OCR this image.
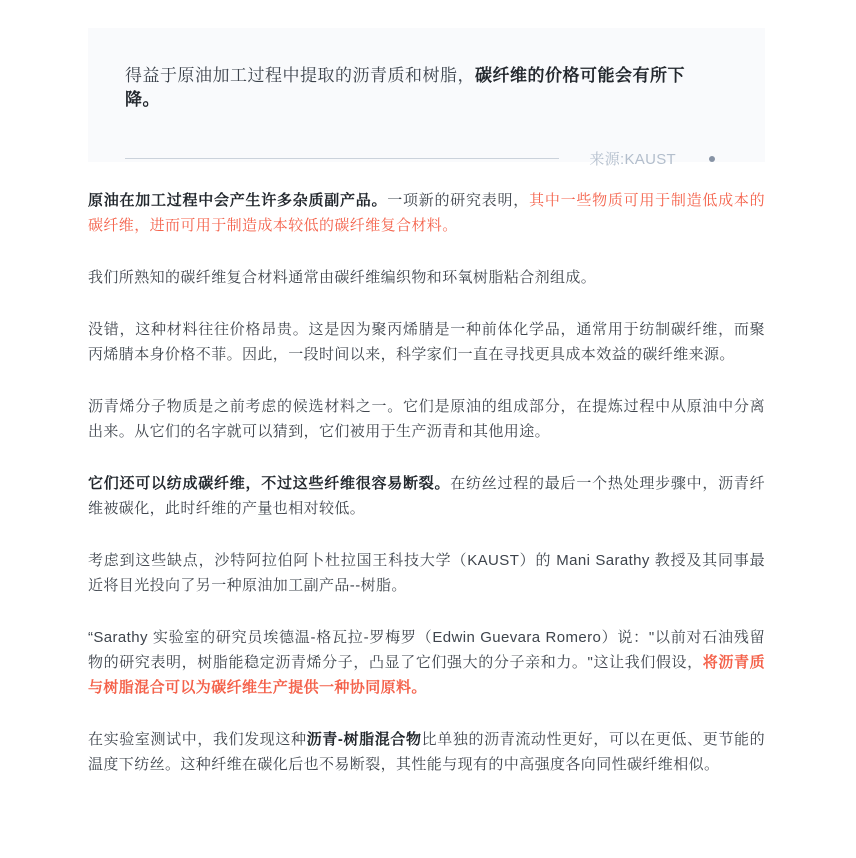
得益于原油加工过程中提取的沥青质和树脂，碳纤维的价格可能会有所下降。
来源:KAUST

原油在加工过程中会产生许多杂质副产品。一项新的研究表明，其中一些物质可用于制造低成本的碳纤维，进而可用于制造成本较低的碳纤维复合材料。

我们所熟知的碳纤维复合材料通常由碳纤维编织物和环氧树脂粘合剂组成。

没错，这种材料往往价格昂贵。这是因为聚丙烯腈是一种前体化学品，通常用于纺制碳纤维，而聚丙烯腈本身价格不菲。因此，一段时间以来，科学家们一直在寻找更具成本效益的碳纤维来源。

沥青烯分子物质是之前考虑的候选材料之一。它们是原油的组成部分，在提炼过程中从原油中分离出来。从它们的名字就可以猜到，它们被用于生产沥青和其他用途。

它们还可以纺成碳纤维，不过这些纤维很容易断裂。在纺丝过程的最后一个热处理步骤中，沥青纤维被碳化，此时纤维的产量也相对较低。

考虑到这些缺点，沙特阿拉伯阿卜杜拉国王科技大学（KAUST）的 Mani Sarathy 教授及其同事最近将目光投向了另一种原油加工副产品--树脂。

“Sarathy 实验室的研究员埃德温-格瓦拉-罗梅罗（Edwin Guevara Romero）说："以前对石油残留物的研究表明，树脂能稳定沥青烯分子，凸显了它们强大的分子亲和力。"这让我们假设，将沥青质与树脂混合可以为碳纤维生产提供一种协同原料。

在实验室测试中，我们发现这种沥青-树脂混合物比单独的沥青流动性更好，可以在更低、更节能的温度下纺丝。这种纤维在碳化后也不易断裂，其性能与现有的中高强度各向同性碳纤维相似。
